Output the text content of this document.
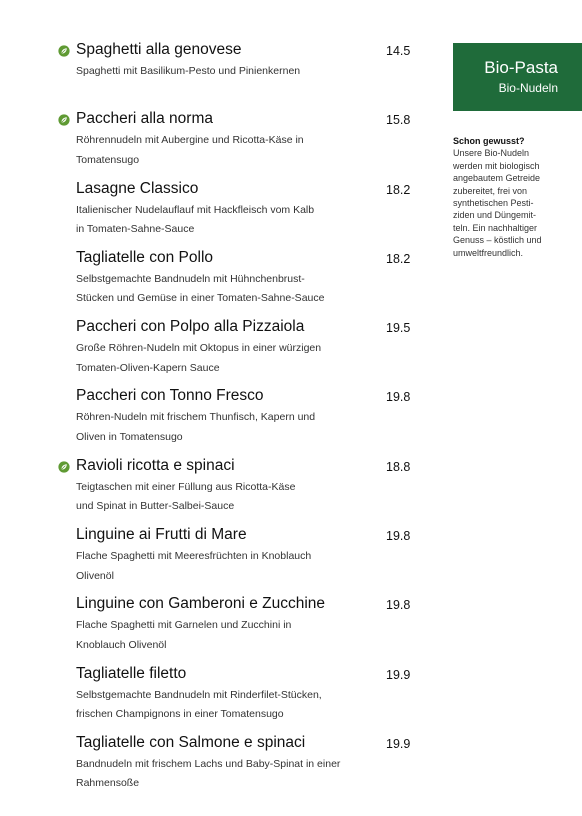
Spaghetti alla genovese	14.5
Spaghetti mit Basilikum-Pesto und Pinienkernen
Paccheri alla norma	15.8
Röhrennudeln mit Aubergine und Ricotta-Käse in
Tomatensugo
Lasagne Classico	18.2
Italienischer Nudelauflauf mit Hackfleisch vom Kalb
in Tomaten-Sahne-Sauce
Tagliatelle con Pollo	18.2
Selbstgemachte Bandnudeln mit Hühnchenbrust-
Stücken und Gemüse in einer Tomaten-Sahne-Sauce
Paccheri con Polpo alla Pizzaiola	19.5
Große Röhren-Nudeln mit Oktopus in einer würzigen
Tomaten-Oliven-Kapern Sauce
Paccheri con Tonno Fresco	19.8
Röhren-Nudeln mit frischem Thunfisch, Kapern und
Oliven in Tomatensugo
Ravioli ricotta e spinaci	18.8
Teigtaschen mit einer Füllung aus Ricotta-Käse
und Spinat in Butter-Salbei-Sauce
Linguine ai Frutti di Mare	19.8
Flache Spaghetti mit Meeresfrüchten in Knoblauch
Olivenöl
Linguine con Gamberoni e Zucchine	19.8
Flache Spaghetti mit Garnelen und Zucchini in
Knoblauch Olivenöl
Tagliatelle filetto	19.9
Selbstgemachte Bandnudeln mit Rinderfilet-Stücken,
frischen Champignons in einer Tomatensugo
Tagliatelle con Salmone e spinaci	19.9
Bandnudeln mit frischem Lachs und Baby-Spinat in einer
Rahmensoße
Bio-Pasta
Bio-Nudeln
Schon gewusst?
Unsere Bio-Nudeln
werden mit biologisch
angebautem Getreide
zubereitet, frei von
synthetischen Pesti-
ziden und Düngemit-
teln. Ein nachhaltiger
Genuss – köstlich und
umweltfreundlich.
